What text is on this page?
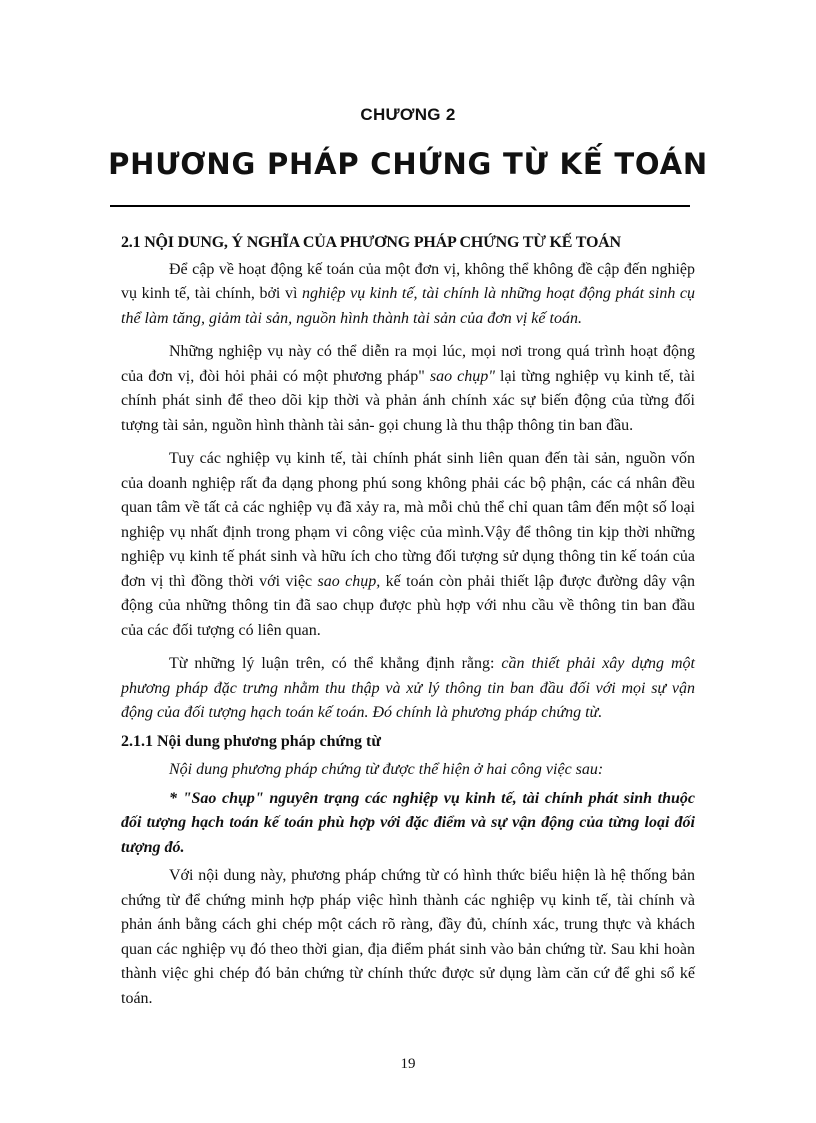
CHƯƠNG 2
PHƯƠNG PHÁP CHỨNG TỪ KẾ TOÁN
2.1 NỘI DUNG, Ý NGHĨA CỦA PHƯƠNG PHÁP CHỨNG TỪ KẾ TOÁN

Để cập về hoạt động kế toán của một đơn vị, không thể không đề cập đến nghiệp vụ kinh tế, tài chính, bởi vì nghiệp vụ kinh tế, tài chính là những hoạt động phát sinh cụ thể làm tăng, giảm tài sản, nguồn hình thành tài sản của đơn vị kế toán.

Những nghiệp vụ này có thể diễn ra mọi lúc, mọi nơi trong quá trình hoạt động của đơn vị, đòi hỏi phải có một phương pháp" sao chụp" lại từng nghiệp vụ kinh tế, tài chính phát sinh để theo dõi kịp thời và phản ánh chính xác sự biến động của từng đối tượng tài sản, nguồn hình thành tài sản- gọi chung là thu thập thông tin ban đầu.

Tuy các nghiệp vụ kinh tế, tài chính phát sinh liên quan đến tài sản, nguồn vốn của doanh nghiệp rất đa dạng phong phú song không phải các bộ phận, các cá nhân đều quan tâm về tất cả các nghiệp vụ đã xảy ra, mà mỗi chủ thể chỉ quan tâm đến một số loại nghiệp vụ nhất định trong phạm vi công việc của mình.Vậy để thông tin kịp thời những nghiệp vụ kinh tế phát sinh và hữu ích cho từng đối tượng sử dụng thông tin kế toán của đơn vị thì đồng thời với việc sao chụp, kế toán còn phải thiết lập được đường dây vận động của những thông tin đã sao chụp được phù hợp với nhu cầu về thông tin ban đầu của các đối tượng có liên quan.

Từ những lý luận trên, có thể khẳng định rằng: cần thiết phải xây dựng một phương pháp đặc trưng nhằm thu thập và xử lý thông tin ban đầu đối với mọi sự vận động của đối tượng hạch toán kế toán. Đó chính là phương pháp chứng từ.

2.1.1 Nội dung phương pháp chứng từ

Nội dung phương pháp chứng từ được thể hiện ở hai công việc sau:

* "Sao chụp" nguyên trạng các nghiệp vụ kinh tế, tài chính phát sinh thuộc đối tượng hạch toán kế toán phù hợp với đặc điểm và sự vận động của từng loại đối tượng đó.

Với nội dung này, phương pháp chứng từ có hình thức biểu hiện là hệ thống bản chứng từ để chứng minh hợp pháp việc hình thành các nghiệp vụ kinh tế, tài chính và phản ánh bằng cách ghi chép một cách rõ ràng, đầy đủ, chính xác, trung thực và khách quan các nghiệp vụ đó theo thời gian, địa điểm phát sinh vào bản chứng từ. Sau khi hoàn thành việc ghi chép đó bản chứng từ chính thức được sử dụng làm căn cứ để ghi sổ kế toán.

19
